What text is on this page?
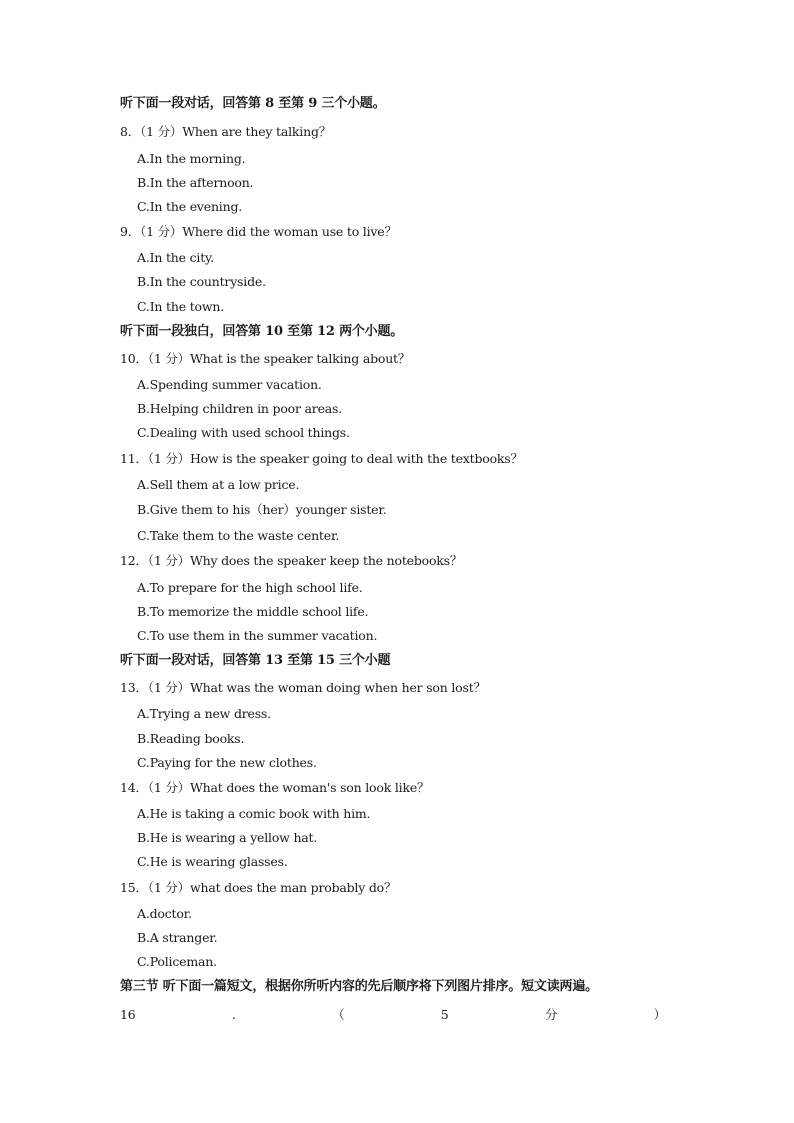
听下面一段对话，回答第 8 至第 9 三个小题。
8．（1 分）When are they talking？
A.In the morning.
B.In the afternoon.
C.In the evening.
9．（1 分）Where did the woman use to live？
A.In the city.
B.In the countryside.
C.In the town.
听下面一段独白，回答第 10 至第 12 两个小题。
10．（1 分）What is the speaker talking about？
A.Spending summer vacation.
B.Helping children in poor areas.
C.Dealing with used school things.
11．（1 分）How is the speaker going to deal with the textbooks？
A.Sell them at a low price.
B.Give them to his（her）younger sister.
C.Take them to the waste center.
12．（1 分）Why does the speaker keep the notebooks？
A.To prepare for the high school life.
B.To memorize the middle school life.
C.To use them in the summer vacation.
听下面一段对话，回答第 13 至第 15 三个小题
13．（1 分）What was the woman doing when her son lost？
A.Trying a new dress.
B.Reading books.
C.Paying for the new clothes.
14．（1 分）What does the woman's son look like？
A.He is taking a comic book with him.
B.He is wearing a yellow hat.
C.He is wearing glasses.
15．（1 分）what does the man probably do？
A.doctor.
B.A stranger.
C.Policeman.
第三节 听下面一篇短文，根据你所听内容的先后顺序将下列图片排序。短文读两遍。
16	.	（	5	分	）
